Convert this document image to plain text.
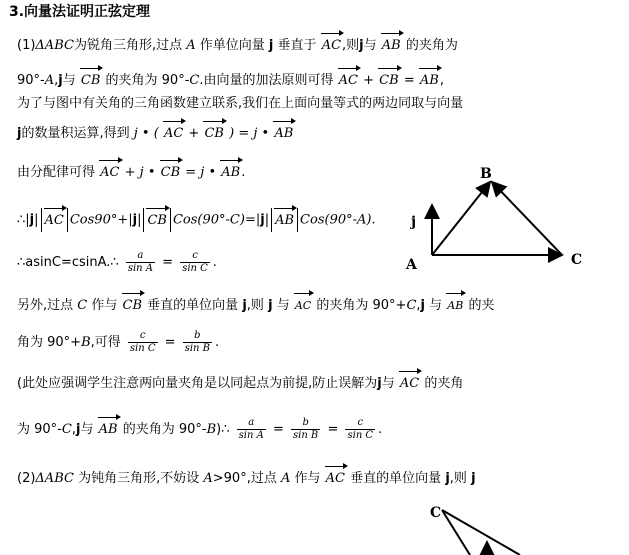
3.向量法证明正弦定理
(1)ΔABC为锐角三角形,过点 A 作单位向量 j 垂直于 AC,则j与 AB 的夹角为
90°-A,j与 CB 的夹角为 90°-C.由向量的加法原则可得 AC + CB = AB,
为了与图中有关角的三角函数建立联系,我们在上面向量等式的两边同取与向量
j的数量积运算,得到 j • ( AC + CB ) = j • AB
由分配律可得 AC + j • CB = j • AB.
∴|j| AC Cos90°+|j| CB Cos(90°-C)=|j| AB Cos(90°-A).
∴asinC=csinA.∴ $\frac{a}{\text{sin A}} = \frac{c}{\text{sin C}}$ .
另外,过点 C 作与 CB 垂直的单位向量 j,则 j 与 AC 的夹角为 90°+C,j 与 AB 的夹
角为 90°+B,可得 $\frac{c}{\text{sin C}} = \frac{b}{\text{sin B}}$ .
(此处应强调学生注意两向量夹角是以同起点为前提,防止误解为j与 AC 的夹角
为 90°-C,j与 AB 的夹角为 90°-B)∴ $\frac{a}{\text{sin A}} = \frac{b}{\text{sin B}} = \frac{c}{\text{sin C}}$ .
(2)ΔABC 为钝角三角形,不妨设 A>90°,过点 A 作与 AC 垂直的单位向量 j,则 j
B
A	C
j
C
